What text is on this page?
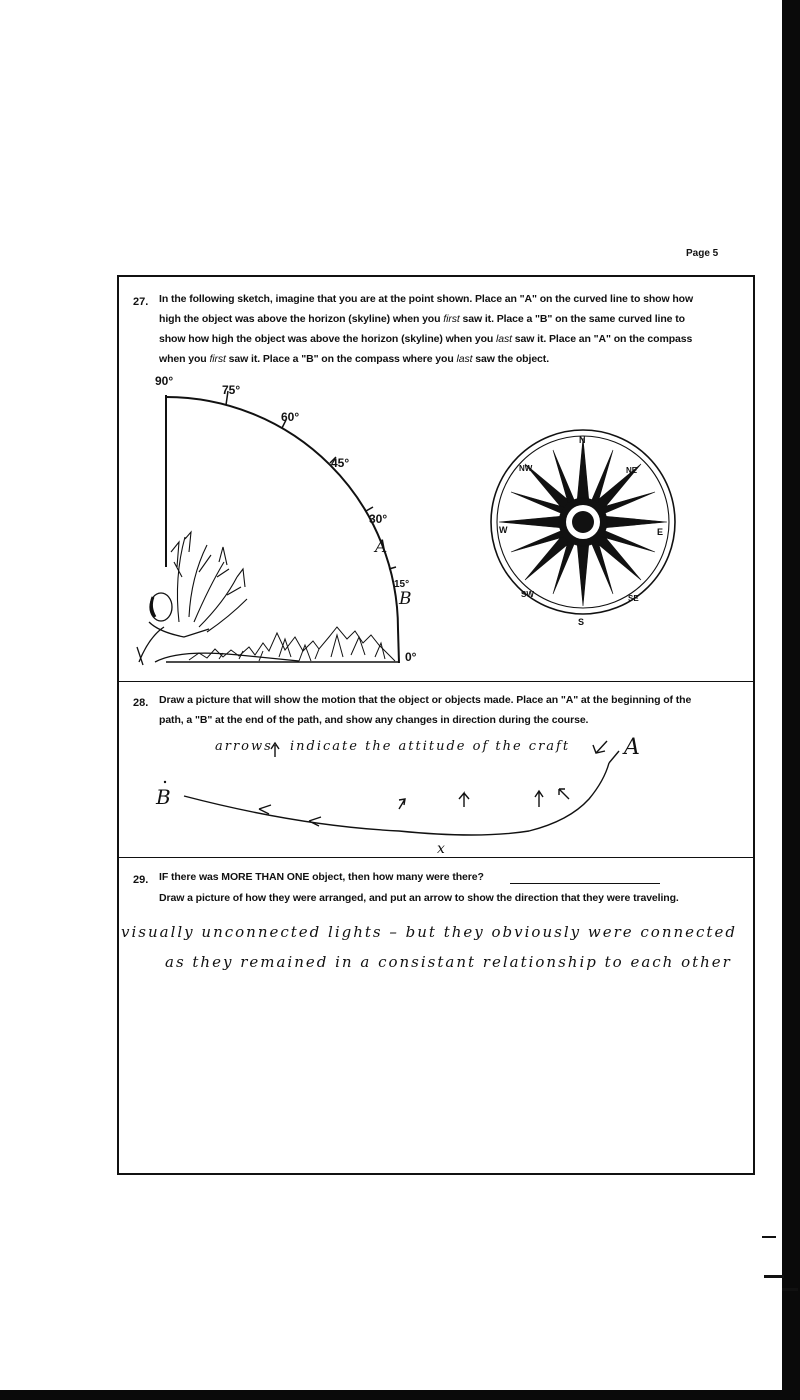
Page 5
27. In the following sketch, imagine that you are at the point shown. Place an "A" on the curved line to show how
high the object was above the horizon (skyline) when you first saw it. Place a "B" on the same curved line to
show how high the object was above the horizon (skyline) when you last saw it. Place an "A" on the compass
when you first saw it. Place a "B" on the compass where you last saw the object.
90°
75°
60°
45°
30°
15°
0°
A
B
N
NE
E
SE
S
SW
W
NW
28. Draw a picture that will show the motion that the object or objects made. Place an "A" at the beginning of the
path, a "B" at the end of the path, and show any changes in direction during the course.
arrows indicate the attitude of the craft A
B
x
29. IF there was MORE THAN ONE object, then how many were there?
Draw a picture of how they were arranged, and put an arrow to show the direction that they were traveling.
visually unconnected lights – but they obviously were connected
as they remained in a consistant relationship to each other
